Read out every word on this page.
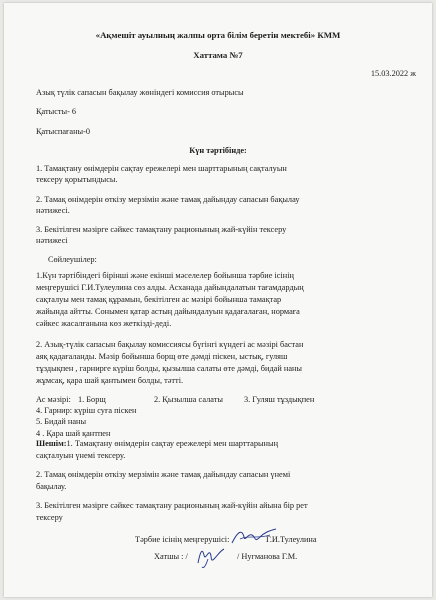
«Ақмешіт ауылның жалпы орта білім беретін мектебі» КММ
Хаттама №7
15.03.2022 ж
Азық түлік сапасын бақылау жөніндегі комиссия отырысы
Қатысты- 6
Қатыспағаны-0
Күн тәртібінде:
1. Тамақтану өнімдерін сақтау ережелері мен шарттарының сақталуын
тексеру қорытындысы.
2. Тамақ өнімдерін өткізу мерзімін және тамақ дайындау сапасын бақылау
нәтижесі.
3. Бекітілген мәзірге сәйкес тамақтану рационының жай-күйін тексеру
нәтижесі
Сөйлеушілер:
1.Күн тәртібіндегі бірінші және екінші мәселелер бойынша тәрбие ісінің
меңгерушісі Г.И.Тулеулина сөз алды. Асханада дайындалатын тағамдардың
сақталуы мен тамақ құрамын, бекітілген ас мәзірі бойынша тамақтар
жайында айтты. Сонымен қатар астың дайындалуын қадағалаған, нормаға
сәйкес жасалғанына көз жеткізді-деді.
2. Азық-түлік сапасын бақылау комиссиясы бүгінгі күндегі ас мәзірі бастан
аяқ қадағаланды. Мәзір бойынша борщ өте дәмді піскен, ыстық, гуляш
тұздықпен , гарнирге күріш болды, қызылша салаты өте дәмді, бидай наны
жұмсақ, қара шай қантымен болды, тәтті.
Ас мәзірі: 1. Борщ	2. Қызылша салаты	3. Гуляш тұздықпен
4. Гарнир: күріш суға піскен
5. Бидай наны
4 . Қара шай қантпен
Шешім:1. Тамақтану өнімдерін сақтау ережелері мен шарттарының
сақталуын үнемі тексеру.
2. Тамақ өнімдерін өткізу мерзімін және тамақ дайындау сапасын үнемі
бақылау.
3. Бекітілген мәзірге сәйкес тамақтану рационының жай-күйін айына бір рет
тексеру
Тәрбие ісінің меңгерушісі:	Г.И.Тулеулина
Хатшы : /	/ Нугманова Г.М.
